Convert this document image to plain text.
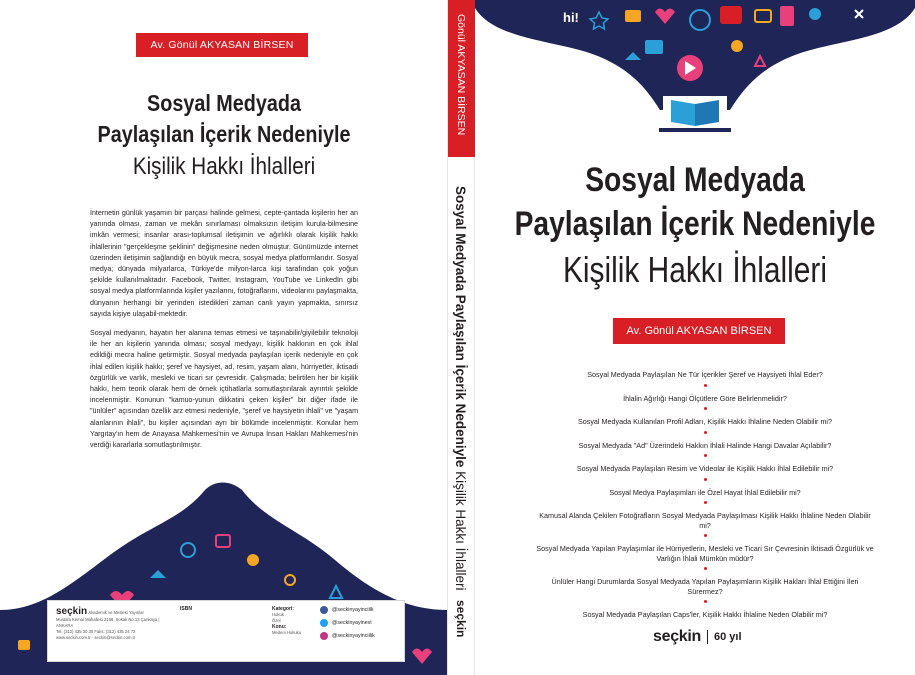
Av. Gönül AKYASAN BİRSEN
Sosyal Medyada
Paylaşılan İçerik Nedeniyle
Kişilik Hakkı İhlalleri

İnternetin günlük yaşamın bir parçası halinde gelmesi, cepte-çantada kişilerin her an yanında olması, zaman ve mekân sınırlaması olmaksızın iletişim kurula-bilmesine imkân vermesi; insanlar arası-toplumsal iletişimin ve ağırlıklı olarak kişilik hakkı ihlallerinin "gerçekleşme şeklinin" değişmesine neden olmuştur. Günümüzde internet üzerinden iletişimin sağlandığı en büyük mecra, sosyal medya platformlarıdır. Sosyal medya; dünyada milyarlarca, Türkiye'de milyon-larca kişi tarafından çok yoğun şekilde kullanılmaktadır. Facebook, Twitter, Instagram, YouTube ve LinkedIn gibi sosyal medya platformlarında kişiler yazılarını, fotoğraflarını, videolarını paylaşmakta, dünyanın herhangi bir yerinden istedikleri zaman canlı yayın yapmakta, sınırsız sayıda kişiye ulaşabil-mektedir.

Sosyal medyanın, hayatın her alanına temas etmesi ve taşınabilir/giyilebilir teknoloji ile her an kişilerin yanında olması; sosyal medyayı, kişilik hakkının en çok ihlal edildiği mecra haline getirmiştir. Sosyal medyada paylaşılan içerik nedeniyle en çok ihlal edilen kişilik hakkı; şeref ve haysiyet, ad, resim, yaşam alanı, hürriyetler, iktisadi özgürlük ve varlık, mesleki ve ticari sır çevresidir. Çalışmada; belirtilen her bir kişilik hakkı, hem teorik olarak hem de örnek içtihatlarla somutlaştırılarak ayrıntılı şekilde incelenmiştir. Konunun "kamuo-yunun dikkatini çeken kişiler" bir diğer ifade ile "ünlüler" açısından özellik arz etmesi nedeniyle, "şeref ve haysiyetin ihlali" ve "yaşam alanlarının ihlali", bu kişiler açısından ayrı bir bölümde incelenmiştir. Konular hem Yargıtay'ın hem de Anayasa Mahkemesi'nin ve Avrupa İnsan Hakları Mahkemesi'nin verdiği kararlarla somutlaştırılmıştır.

seçkin Akademik ve Mesleki Yayınlar
Mustafa Kemal Mahallesi 2158. Sokak No:13 Çankaya | ANKARA
Tel: (312) 435 30 30 Faks: (312) 435 24 72
www.seckin.com.tr · seckin@seckin.com.tr
ISBN	Kategori:
Hukuk
Özel
Konu:
Medeni Hukuku
@seckinyayinciilk
@seckinyayinevi
@seckinyayinciilik
Gönül AKYASAN BİRSEN
Sosyal Medyada Paylaşılan İçerik Nedeniyle Kişilik Hakkı İhlalleri
seçkin
hi!
Sosyal Medyada
Paylaşılan İçerik Nedeniyle
Kişilik Hakkı İhlalleri
Av. Gönül AKYASAN BİRSEN
Sosyal Medyada Paylaşılan Ne Tür İçerikler Şeref ve Haysiyeti İhlal Eder?
İhlalin Ağırlığı Hangi Ölçütlere Göre Belirlenmelidir?
Sosyal Medyada Kullanılan Profil Adları, Kişilik Hakkı İhlaline Neden Olabilir mi?
Sosyal Medyada "Ad" Üzerindeki Hakkın İhlali Halinde Hangi Davalar Açılabilir?
Sosyal Medyada Paylaşılan Resim ve Videolar ile Kişilik Hakkı İhlal Edilebilir mi?
Sosyal Medya Paylaşımları ile Özel Hayat İhlal Edilebilir mi?
Kamusal Alanda Çekilen Fotoğrafların Sosyal Medyada Paylaşılması Kişilik Hakkı İhlaline Neden Olabilir mi?
Sosyal Medyada Yapılan Paylaşımlar ile Hürriyetlerin, Mesleki ve Ticari Sır Çevresinin İktisadi Özgürlük ve Varlığın İhlali Mümkün müdür?
Ünlüler Hangi Durumlarda Sosyal Medyada Yapılan Paylaşımların Kişilik Hakları İhlal Ettiğini İleri Sürermez?
Sosyal Medyada Paylaşılan Caps'ler, Kişilik Hakkı İhlaline Neden Olabilir mi?
seçkin 60 yıl
